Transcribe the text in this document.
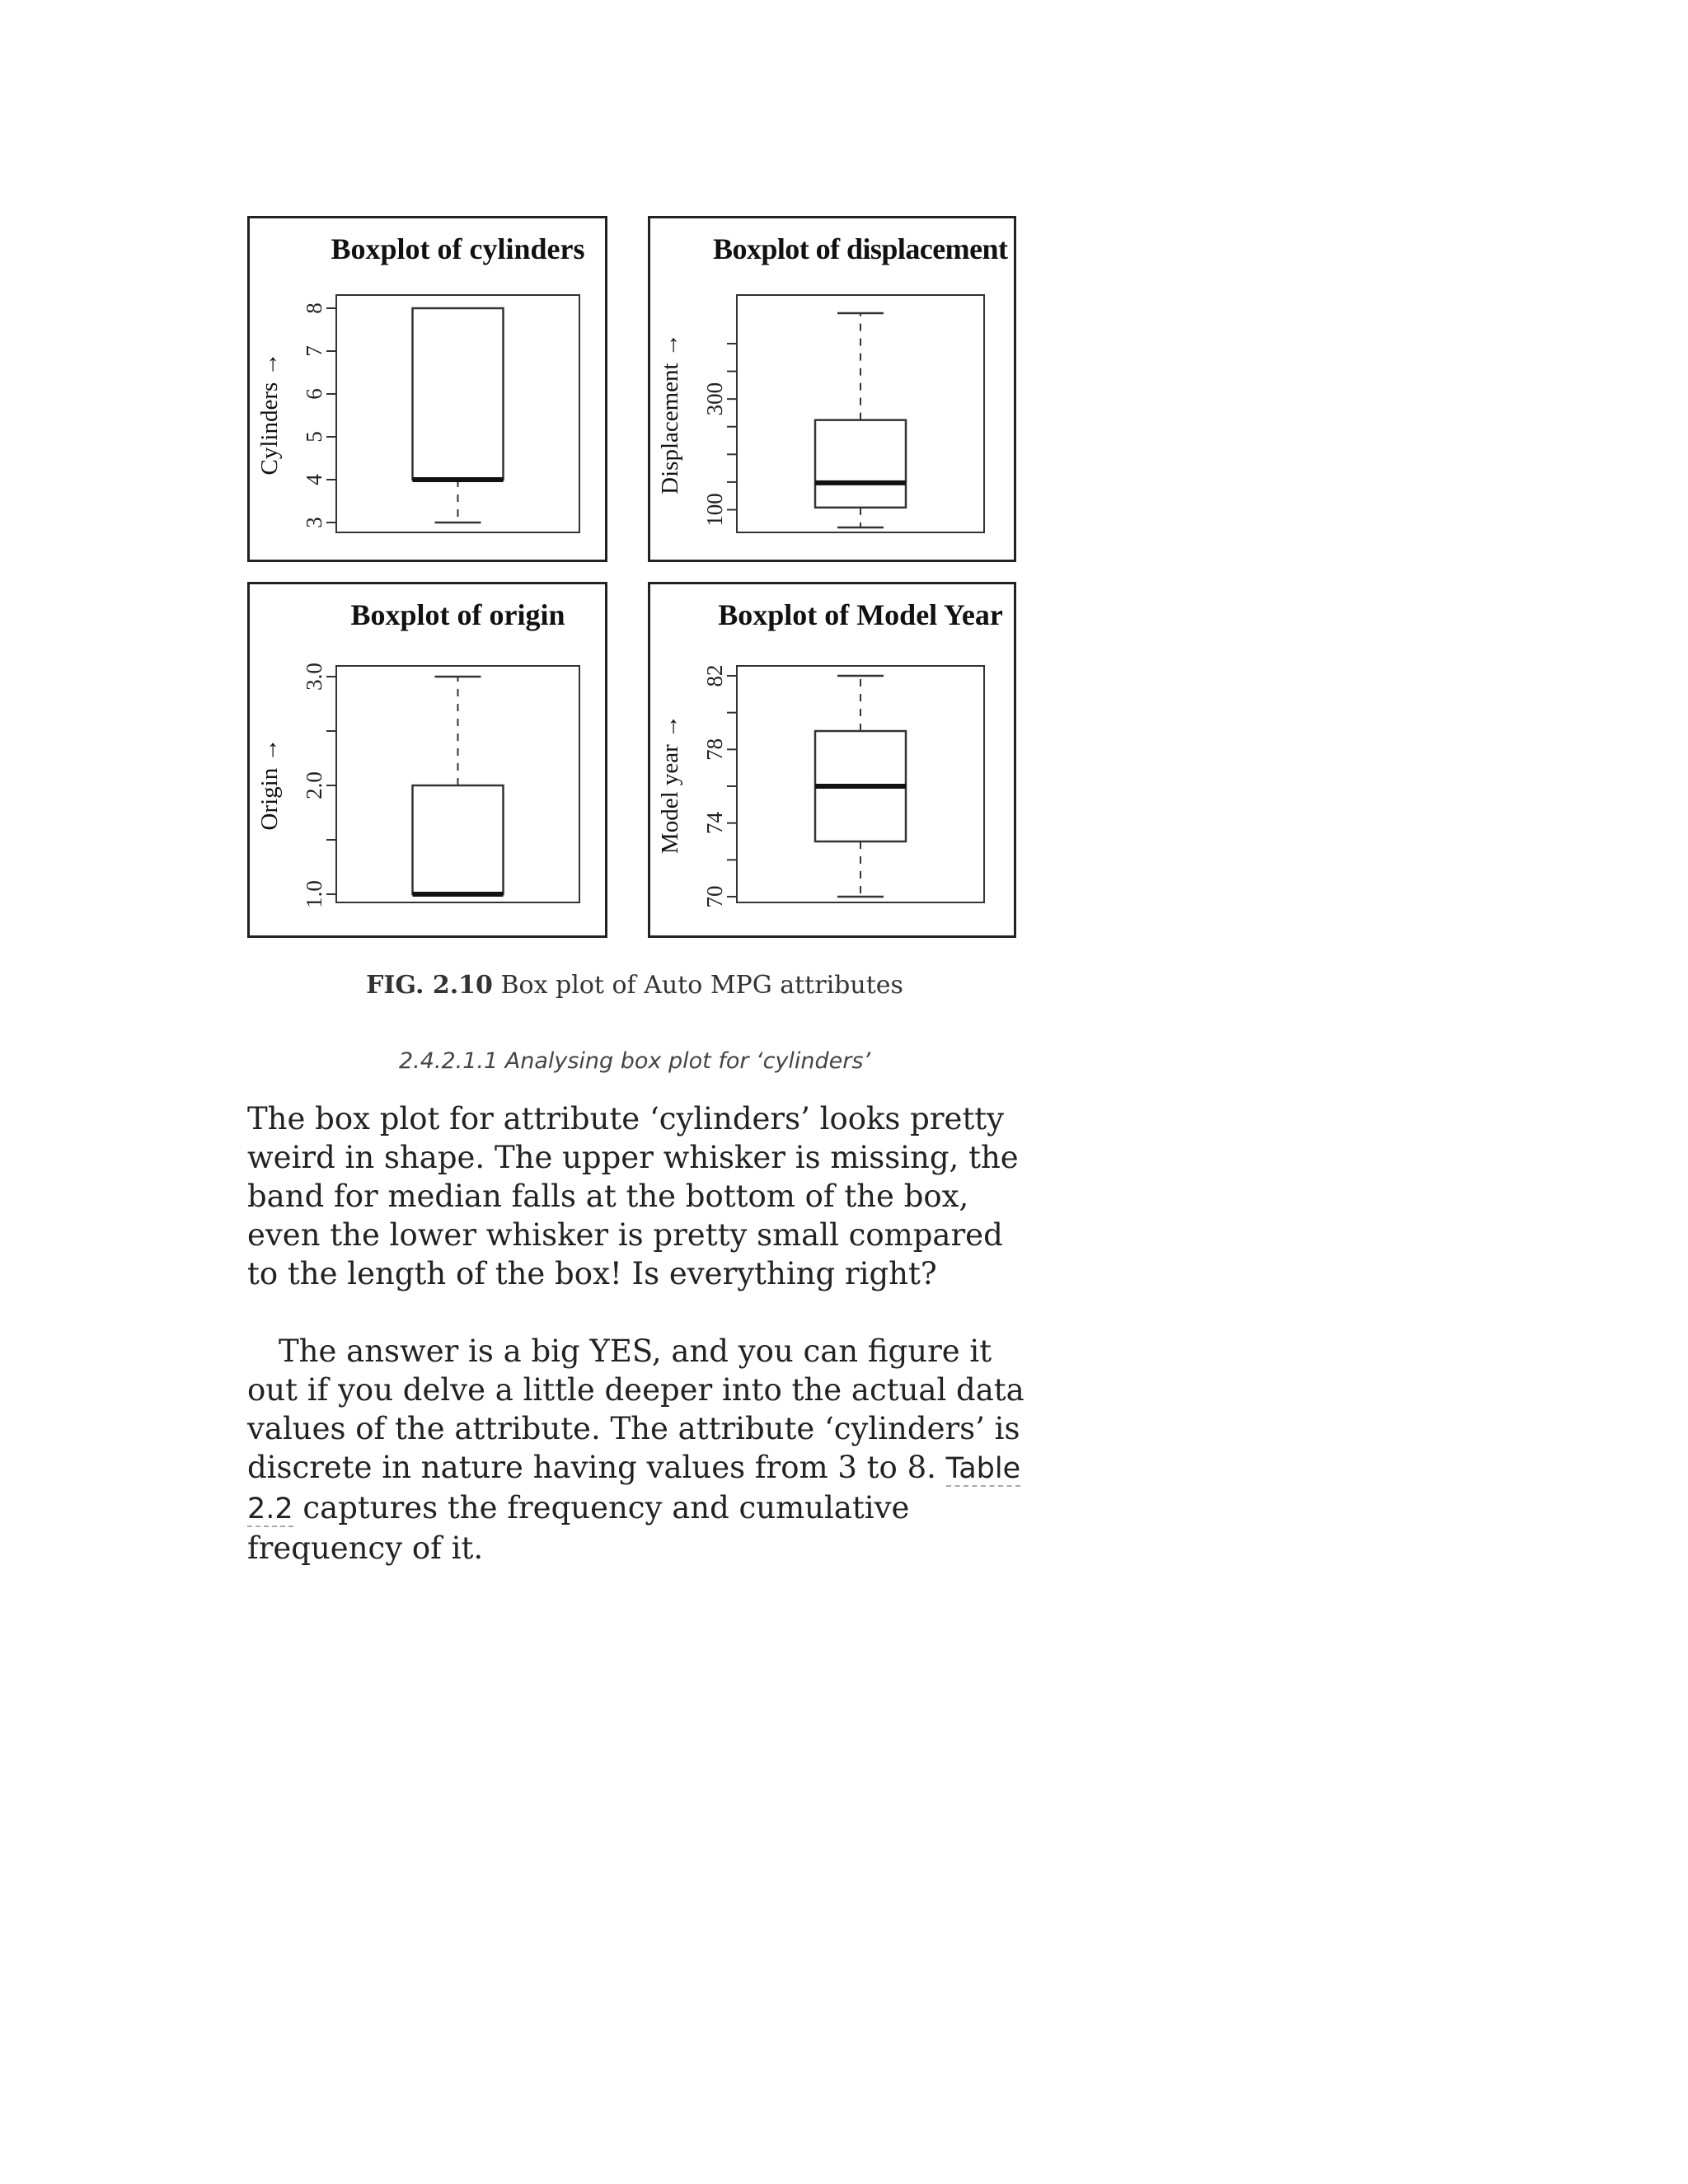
Boxplot of cylinders
3
4
5
6
7
8
Cylinders →
Boxplot of displacement
100
300
Displacement →
Boxplot of origin
1.0
2.0
3.0
Origin →
Boxplot of Model Year
70
74
78
82
Model year →
FIG. 2.10 Box plot of Auto MPG attributes
2.4.2.1.1 Analysing box plot for ‘cylinders’

The box plot for attribute ‘cylinders’ looks pretty weird in shape. The upper whisker is missing, the band for median falls at the bottom of the box, even the lower whisker is pretty small compared to the length of the box! Is everything right?

The answer is a big YES, and you can figure it out if you delve a little deeper into the actual data values of the attribute. The attribute ‘cylinders’ is discrete in nature having values from 3 to 8. Table 2.2 captures the frequency and cumulative frequency of it.
